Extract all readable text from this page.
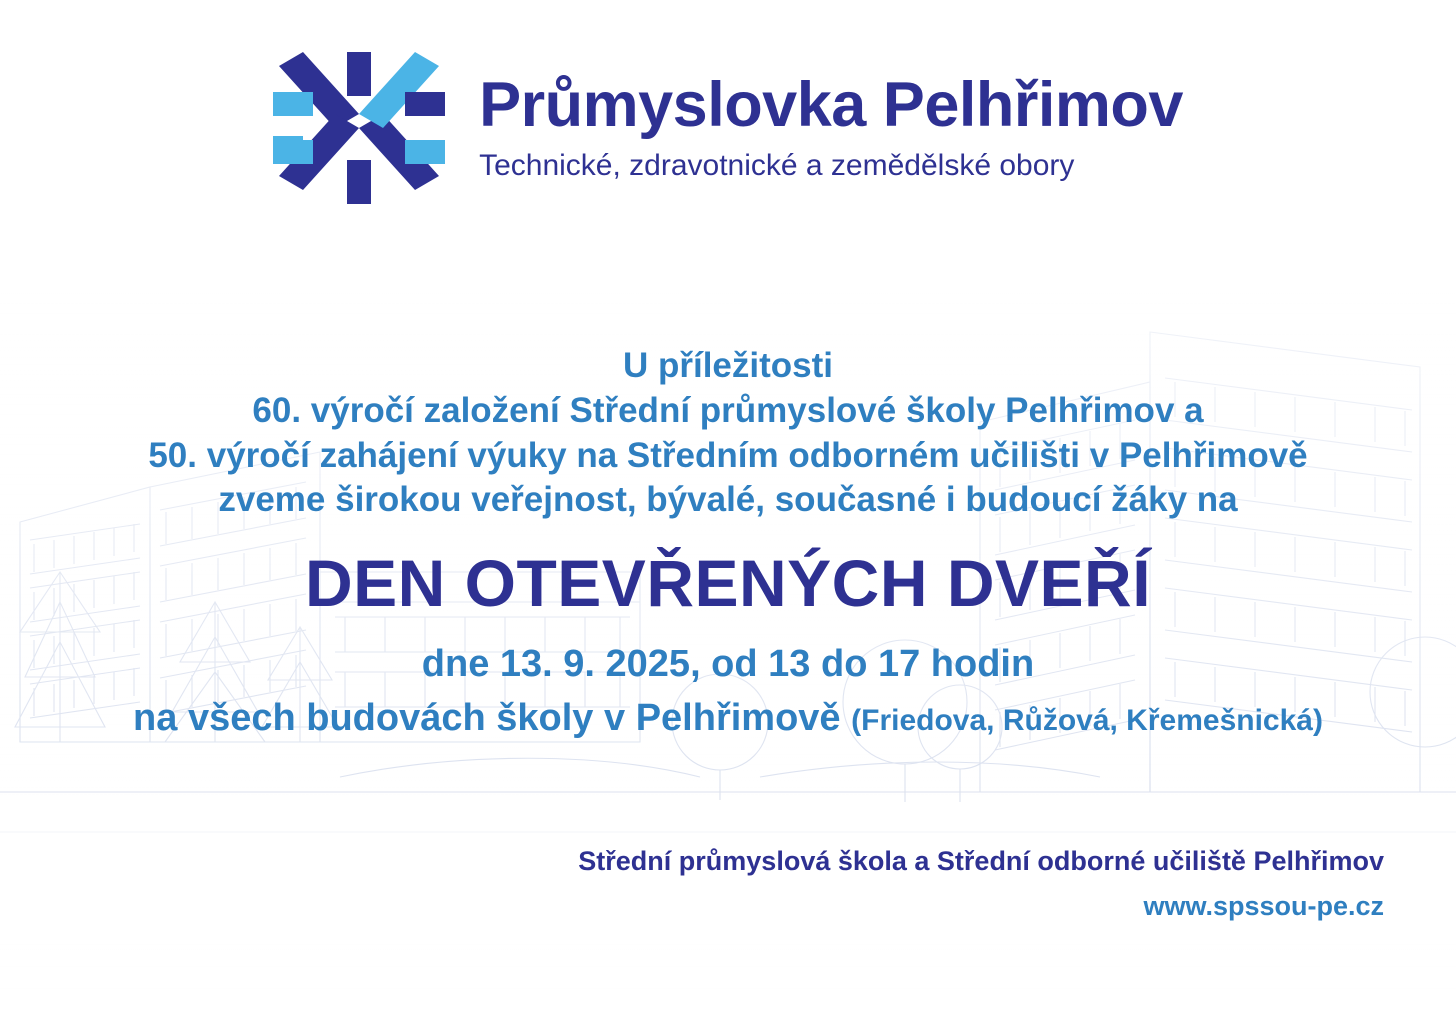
Průmyslovka Pelhřimov
Technické, zdravotnické a zemědělské obory
U příležitosti
60. výročí založení Střední průmyslové školy Pelhřimov a
50. výročí zahájení výuky na Středním odborném učilišti v Pelhřimově
zveme širokou veřejnost, bývalé, současné i budoucí žáky na
DEN OTEVŘENÝCH DVEŘÍ
dne 13. 9. 2025, od 13 do 17 hodin
na všech budovách školy v Pelhřimově (Friedova, Růžová, Křemešnická)
Střední průmyslová škola a Střední odborné učiliště Pelhřimov
www.spssou-pe.cz
